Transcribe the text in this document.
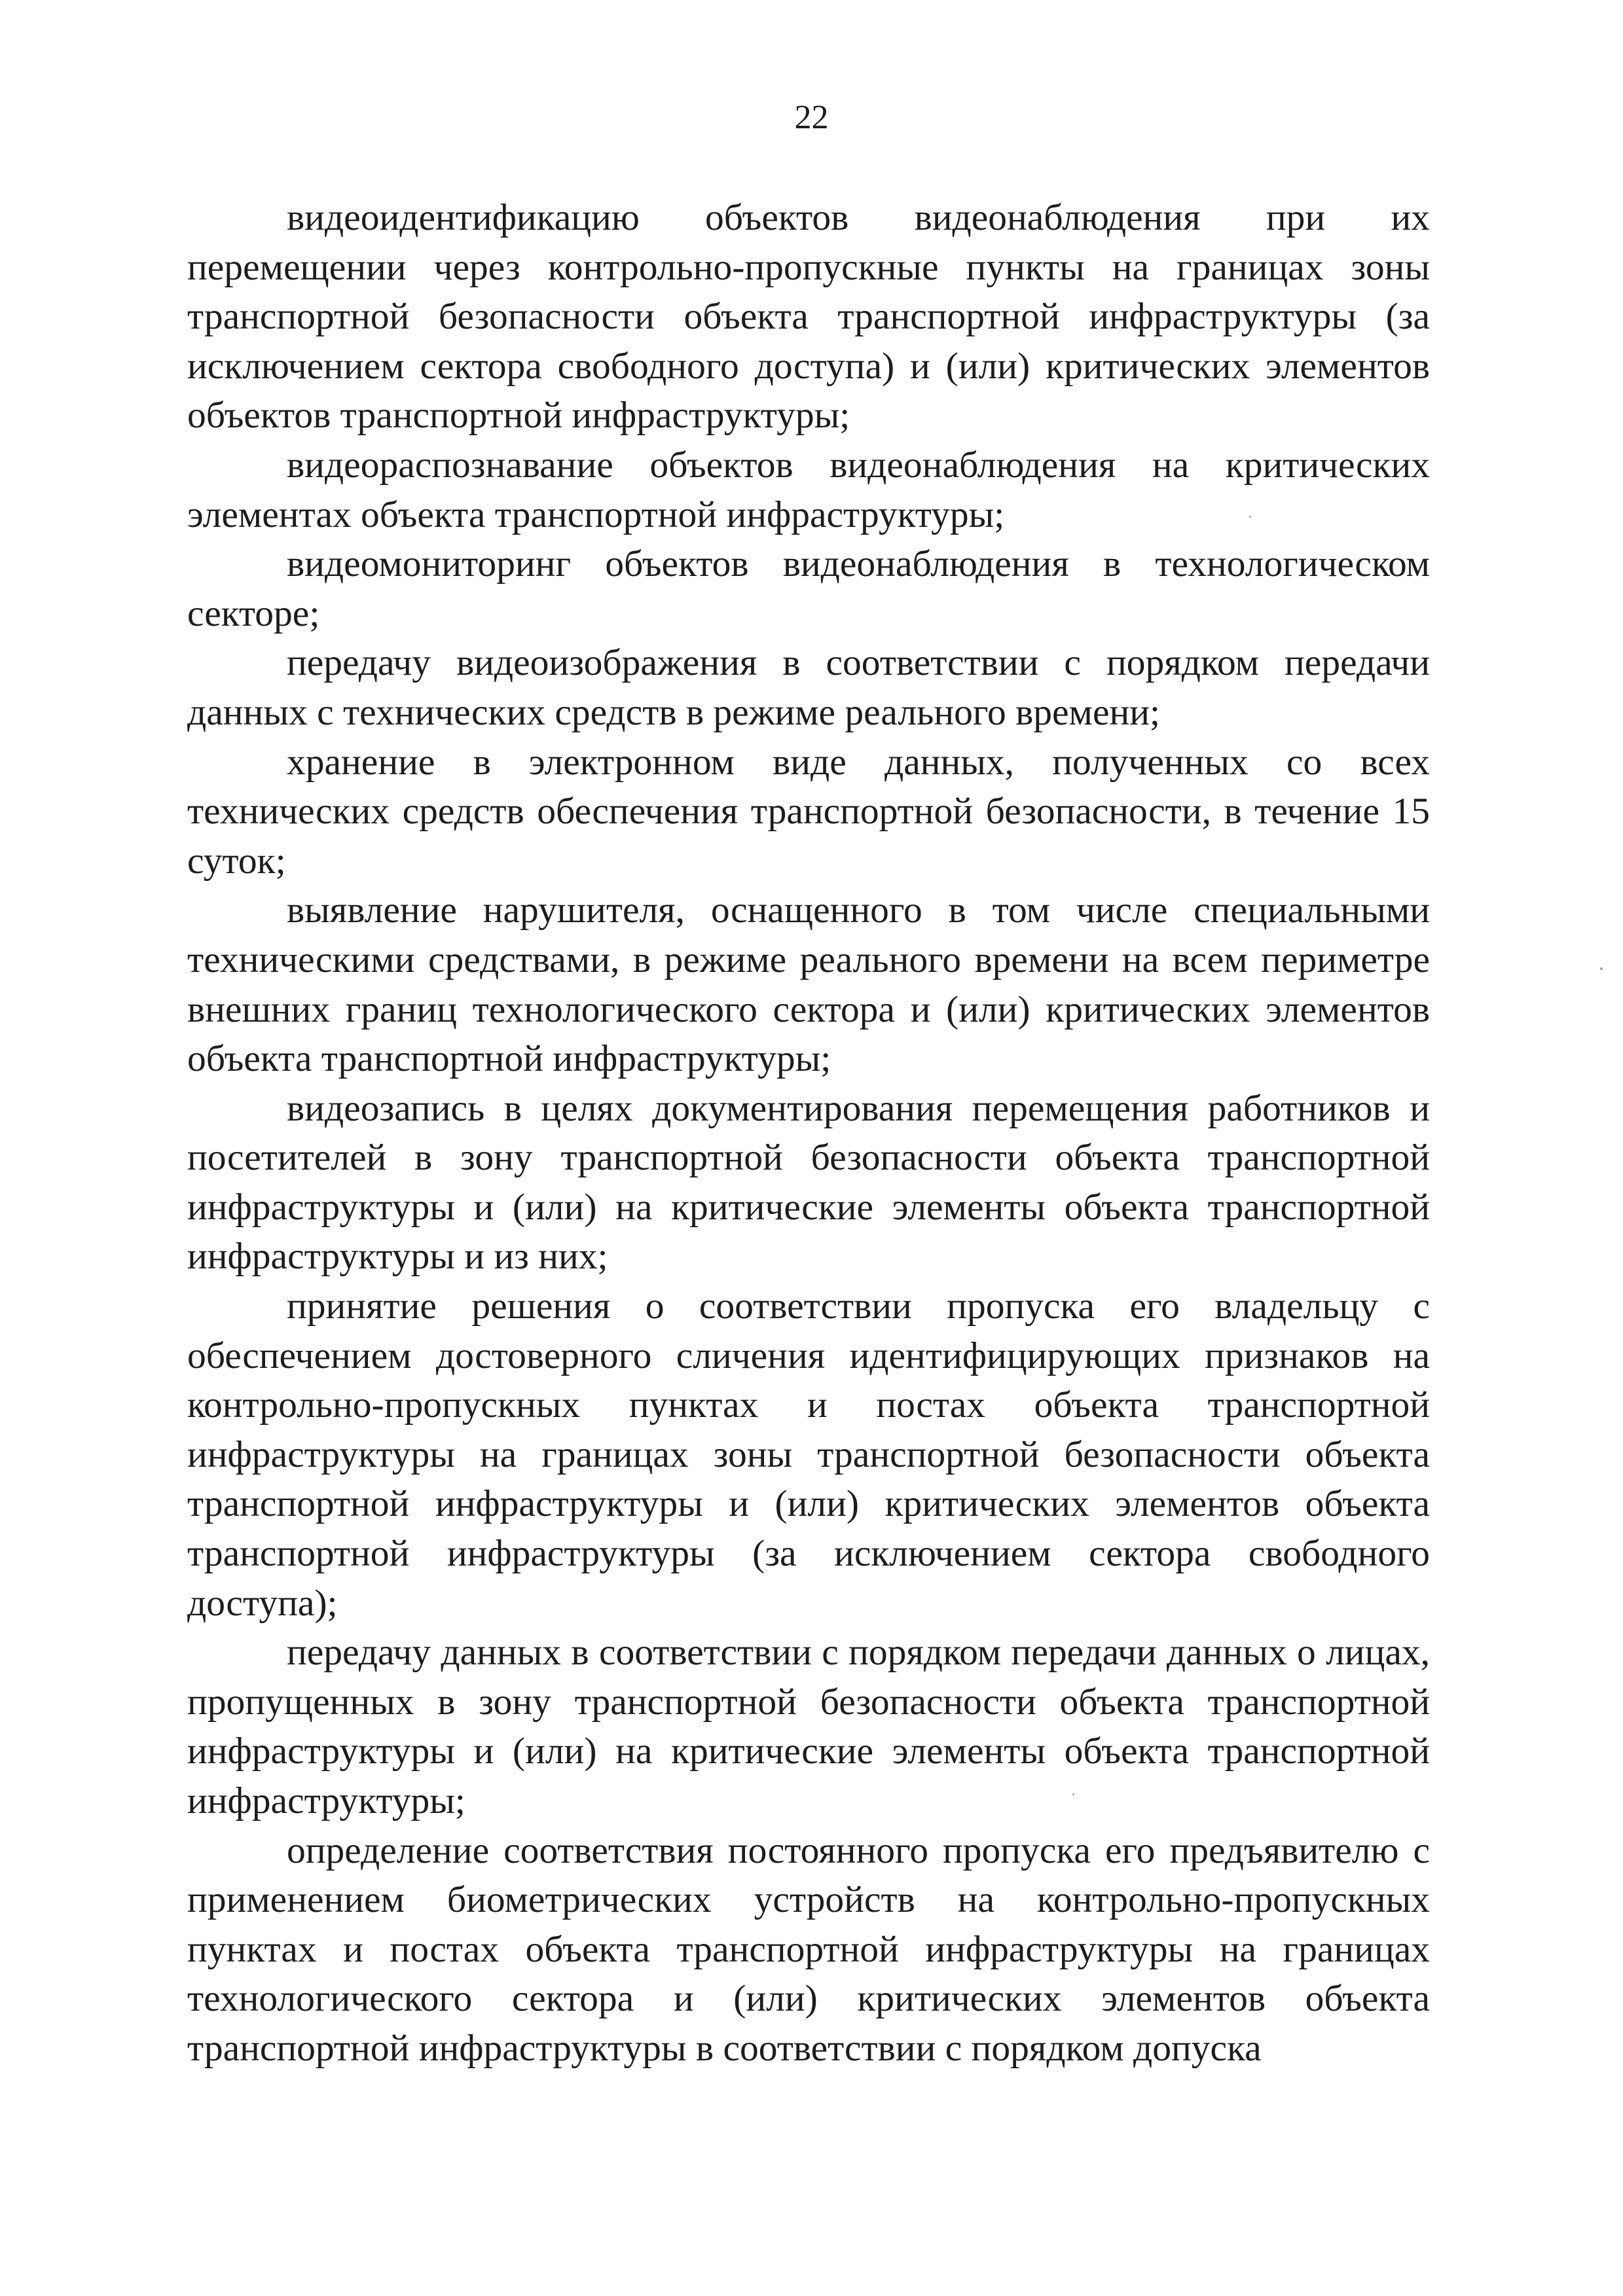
22

видеоидентификацию объектов видеонаблюдения при их перемещении через контрольно-пропускные пункты на границах зоны транспортной безопасности объекта транспортной инфраструктуры (за исключением сектора свободного доступа) и (или) критических элементов объектов транспортной инфраструктуры;

видеораспознавание объектов видеонаблюдения на критических элементах объекта транспортной инфраструктуры;

видеомониторинг объектов видеонаблюдения в технологическом секторе;

передачу видеоизображения в соответствии с порядком передачи данных с технических средств в режиме реального времени;

хранение в электронном виде данных, полученных со всех технических средств обеспечения транспортной безопасности, в течение 15 суток;

выявление нарушителя, оснащенного в том числе специальными техническими средствами, в режиме реального времени на всем периметре внешних границ технологического сектора и (или) критических элементов объекта транспортной инфраструктуры;

видеозапись в целях документирования перемещения работников и посетителей в зону транспортной безопасности объекта транспортной инфраструктуры и (или) на критические элементы объекта транспортной инфраструктуры и из них;

принятие решения о соответствии пропуска его владельцу с обеспечением достоверного сличения идентифицирующих признаков на контрольно-пропускных пунктах и постах объекта транспортной инфраструктуры на границах зоны транспортной безопасности объекта транспортной инфраструктуры и (или) критических элементов объекта транспортной инфраструктуры (за исключением сектора свободного доступа);

передачу данных в соответствии с порядком передачи данных о лицах, пропущенных в зону транспортной безопасности объекта транспортной инфраструктуры и (или) на критические элементы объекта транспортной инфраструктуры;

определение соответствия постоянного пропуска его предъявителю с применением биометрических устройств на контрольно-пропускных пунктах и постах объекта транспортной инфраструктуры на границах технологического сектора и (или) критических элементов объекта транспортной инфраструктуры в соответствии с порядком допуска
